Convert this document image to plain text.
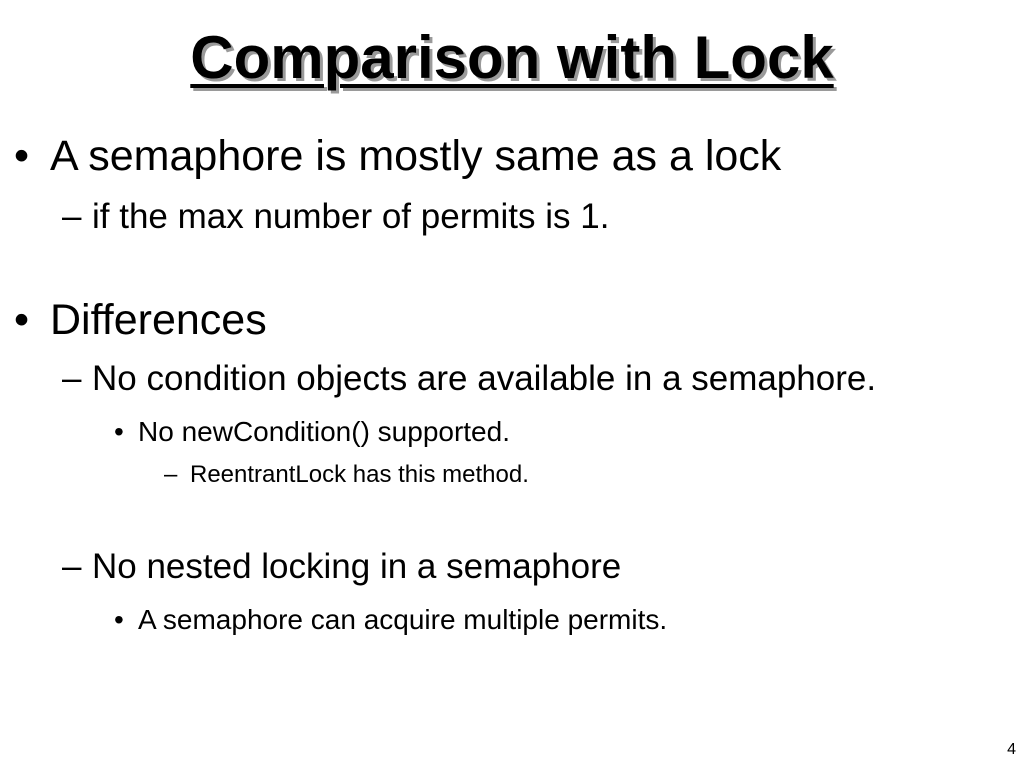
Comparison with Lock
• A semaphore is mostly same as a lock
– if the max number of permits is 1.
• Differences
– No condition objects are available in a semaphore.
• No newCondition() supported.
– ReentrantLock has this method.
– No nested locking in a semaphore
• A semaphore can acquire multiple permits.
4
